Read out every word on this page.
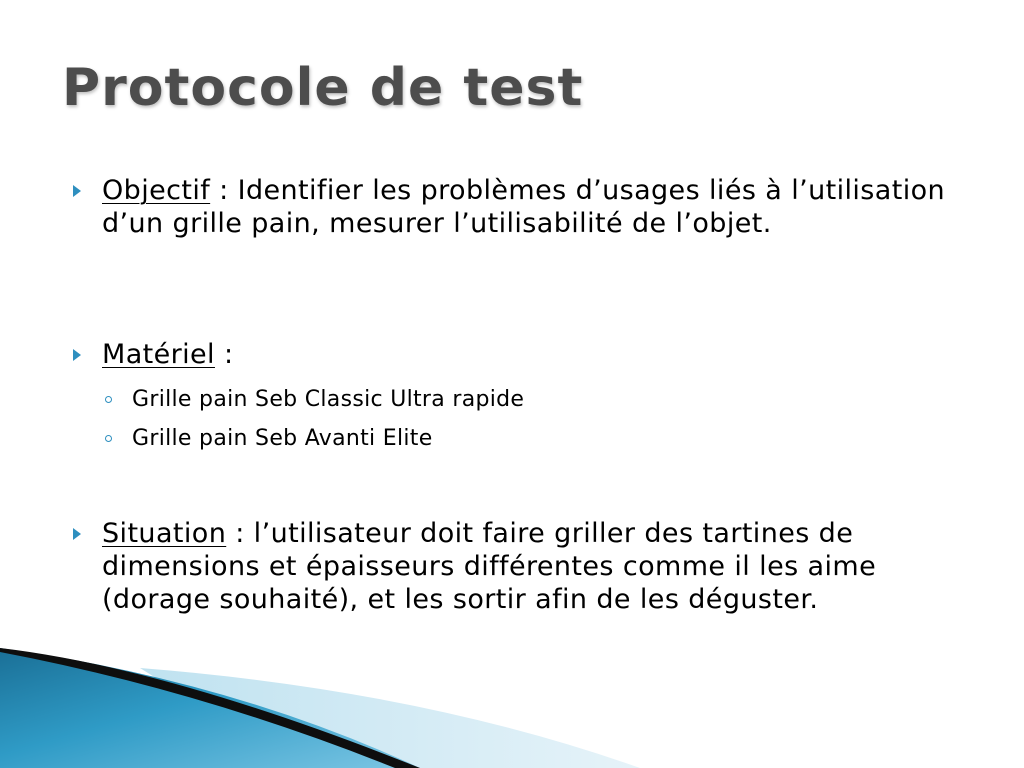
Protocole de test
Objectif : Identifier les problèmes d’usages liés à l’utilisation d’un grille pain, mesurer l’utilisabilité de l’objet.
Matériel :
Grille pain Seb Classic Ultra rapide
Grille pain Seb Avanti Elite
Situation : l’utilisateur doit faire griller des tartines de dimensions et épaisseurs différentes comme il les aime (dorage souhaité), et les sortir afin de les déguster.
